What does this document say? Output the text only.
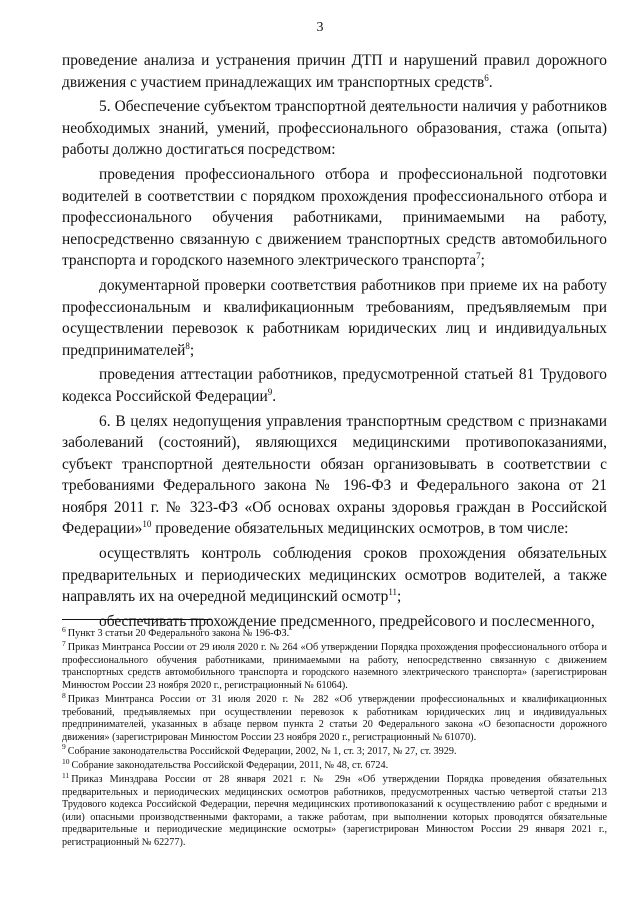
3

проведение анализа и устранения причин ДТП и нарушений правил дорожного движения с участием принадлежащих им транспортных средств$^6$.

5. Обеспечение субъектом транспортной деятельности наличия у работников необходимых знаний, умений, профессионального образования, стажа (опыта) работы должно достигаться посредством:

проведения профессионального отбора и профессиональной подготовки водителей в соответствии с порядком прохождения профессионального отбора и профессионального обучения работниками, принимаемыми на работу, непосредственно связанную с движением транспортных средств автомобильного транспорта и городского наземного электрического транспорта$^7$;

документарной проверки соответствия работников при приеме их на работу профессиональным и квалификационным требованиям, предъявляемым при осуществлении перевозок к работникам юридических лиц и индивидуальных предпринимателей$^8$;

проведения аттестации работников, предусмотренной статьей 81 Трудового кодекса Российской Федерации$^9$.

6. В целях недопущения управления транспортным средством с признаками заболеваний (состояний), являющихся медицинскими противопоказаниями, субъект транспортной деятельности обязан организовывать в соответствии с требованиями Федерального закона № 196-ФЗ и Федерального закона от 21 ноября 2011 г. № 323-ФЗ «Об основах охраны здоровья граждан в Российской Федерации»$^{10}$ проведение обязательных медицинских осмотров, в том числе:

осуществлять контроль соблюдения сроков прохождения обязательных предварительных и периодических медицинских осмотров водителей, а также направлять их на очередной медицинский осмотр$^{11}$;

обеспечивать прохождение предсменного, предрейсового и послесменного,

$^6$ Пункт 3 статьи 20 Федерального закона № 196-ФЗ.
$^7$ Приказ Минтранса России от 29 июля 2020 г. № 264 «Об утверждении Порядка прохождения профессионального отбора и профессионального обучения работниками, принимаемыми на работу, непосредственно связанную с движением транспортных средств автомобильного транспорта и городского наземного электрического транспорта» (зарегистрирован Минюстом России 23 ноября 2020 г., регистрационный № 61064).
$^8$ Приказ Минтранса России от 31 июля 2020 г. № 282 «Об утверждении профессиональных и квалификационных требований, предъявляемых при осуществлении перевозок к работникам юридических лиц и индивидуальных предпринимателей, указанных в абзаце первом пункта 2 статьи 20 Федерального закона «О безопасности дорожного движения» (зарегистрирован Минюстом России 23 ноября 2020 г., регистрационный № 61070).
$^9$ Собрание законодательства Российской Федерации, 2002, № 1, ст. 3; 2017, № 27, ст. 3929.
$^{10}$ Собрание законодательства Российской Федерации, 2011, № 48, ст. 6724.
$^{11}$ Приказ Минздрава России от 28 января 2021 г. № 29н «Об утверждении Порядка проведения обязательных предварительных и периодических медицинских осмотров работников, предусмотренных частью четвертой статьи 213 Трудового кодекса Российской Федерации, перечня медицинских противопоказаний к осуществлению работ с вредными и (или) опасными производственными факторами, а также работам, при выполнении которых проводятся обязательные предварительные и периодические медицинские осмотры» (зарегистрирован Минюстом России 29 января 2021 г., регистрационный № 62277).
